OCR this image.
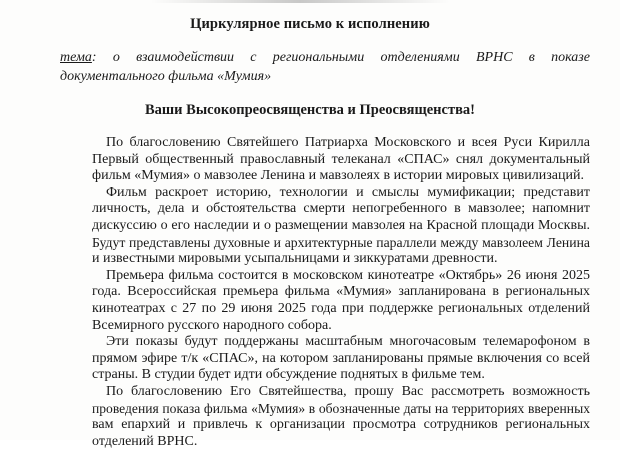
Циркулярное письмо к исполнению
тема: о взаимодействии с региональными отделениями ВРНС в показе
документального фильма «Мумия»
Ваши Высокопреосвященства и Преосвященства!
По благословению Святейшего Патриарха Московского и всея Руси Кирилла
Первый общественный православный телеканал «СПАС» снял документальный
фильм «Мумия» о мавзолее Ленина и мавзолеях в истории мировых цивилизаций.
Фильм раскроет историю, технологии и смыслы мумификации; представит
личность, дела и обстоятельства смерти непогребенного в мавзолее; напомнит
дискуссию о его наследии и о размещении мавзолея на Красной площади Москвы.
Будут представлены духовные и архитектурные параллели между мавзолеем Ленина
и известными мировыми усыпальницами и зиккуратами древности.
Премьера фильма состоится в московском кинотеатре «Октябрь» 26 июня 2025
года. Всероссийская премьера фильма «Мумия» запланирована в региональных
кинотеатрах с 27 по 29 июня 2025 года при поддержке региональных отделений
Всемирного русского народного собора.
Эти показы будут поддержаны масштабным многочасовым телемарофоном в
прямом эфире т/к «СПАС», на котором запланированы прямые включения со всей
страны. В студии будет идти обсуждение поднятых в фильме тем.
По благословению Его Святейшества, прошу Вас рассмотреть возможность
проведения показа фильма «Мумия» в обозначенные даты на территориях вверенных
вам епархий и привлечь к организации просмотра сотрудников региональных
отделений ВРНС.
